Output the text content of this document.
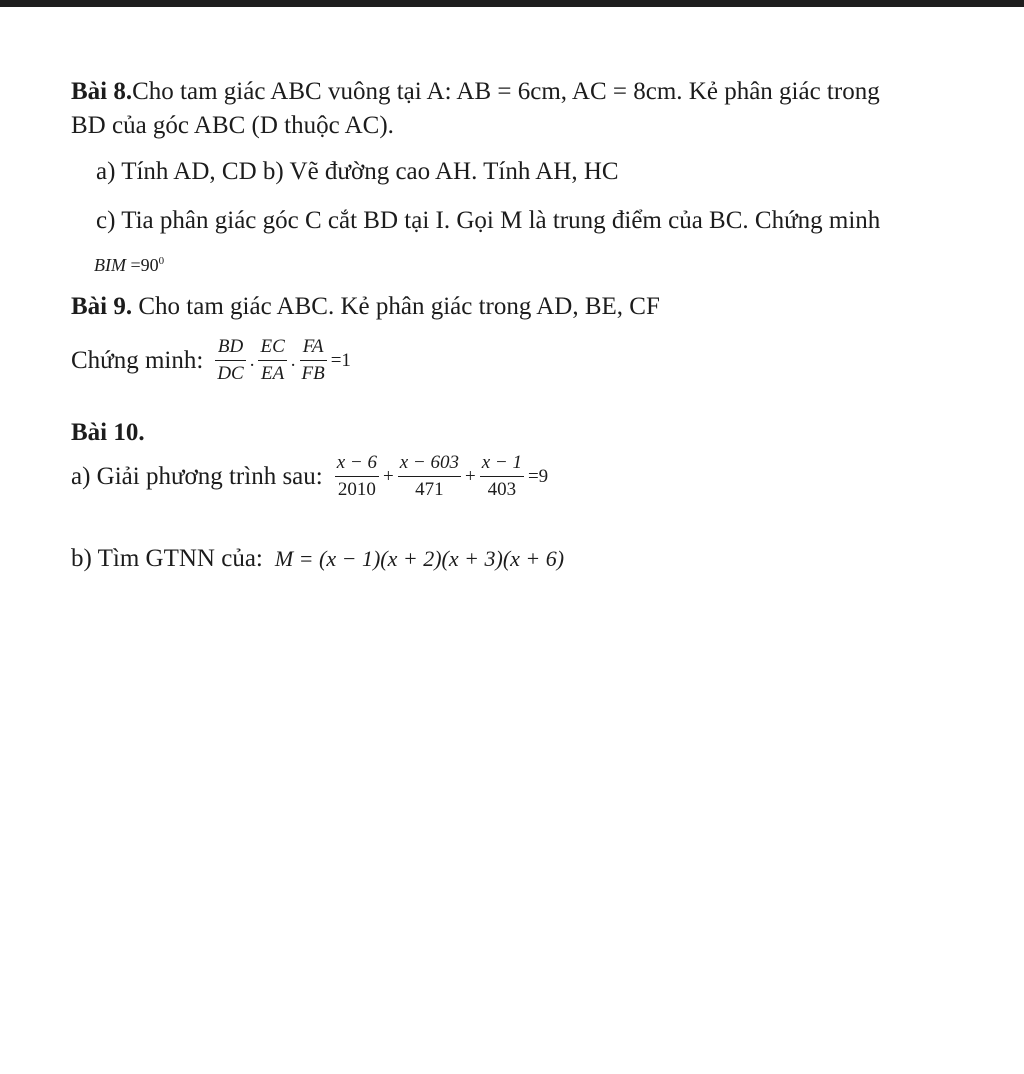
Bài 8.Cho tam giác ABC vuông tại A: AB = 6cm, AC = 8cm. Kẻ phân giác trong
BD của góc ABC (D thuộc AC).
a) Tính AD, CD b) Vẽ đường cao AH. Tính AH, HC
c) Tia phân giác góc C cắt BD tại I. Gọi M là trung điểm của BC. Chứng minh
BIM $=90^0$
Bài 9. Cho tam giác ABC. Kẻ phân giác trong AD, BE, CF
Chứng minh: $\frac{BD}{DC}$ . $\frac{EC}{EA}$ . $\frac{FA}{FB} =1$
Bài 10.
a) Giải phương trình sau: $\frac{x - 6}{2010} + \frac{x - 603}{471} + \frac{x - 1}{403} =9$
b) Tìm GTNN của: M = (x − 1)(x + 2)(x + 3)(x + 6)
